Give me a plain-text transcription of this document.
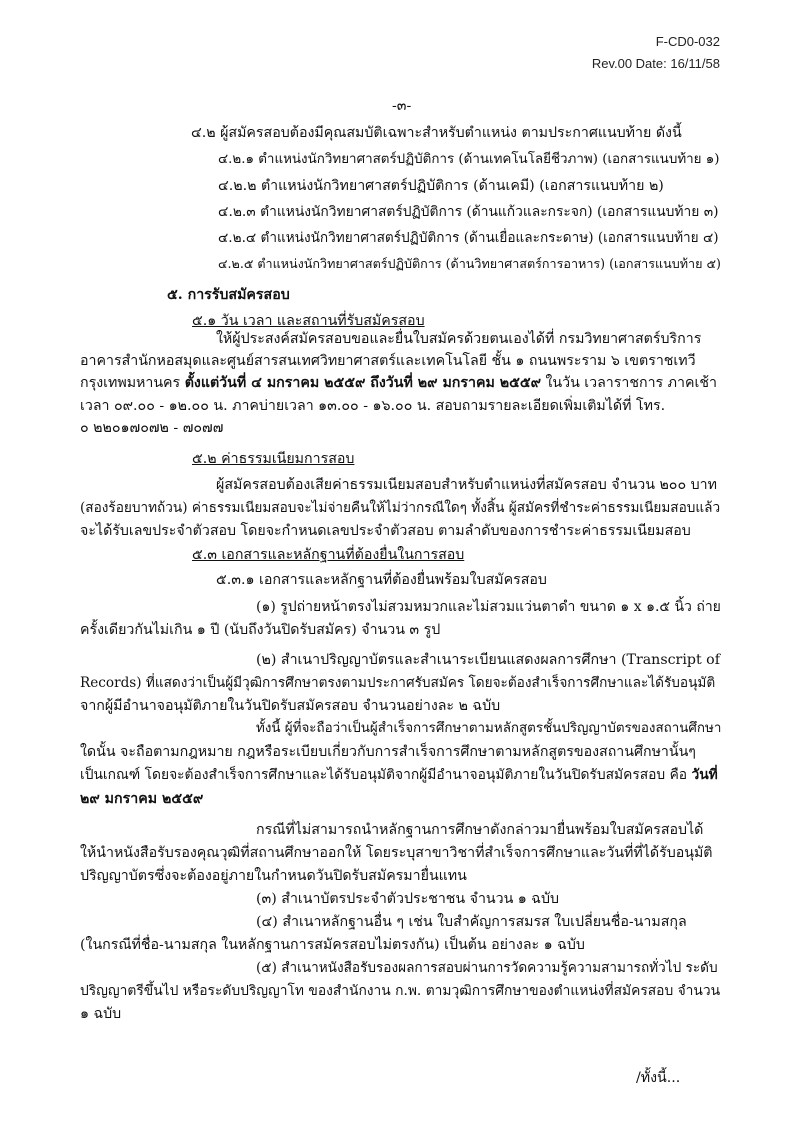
F-CD0-032
Rev.00 Date: 16/11/58
-๓-
๔.๒ ผู้สมัครสอบต้องมีคุณสมบัติเฉพาะสำหรับตำแหน่ง ตามประกาศแนบท้าย ดังนี้
๔.๒.๑ ตำแหน่งนักวิทยาศาสตร์ปฏิบัติการ (ด้านเทคโนโลยีชีวภาพ) (เอกสารแนบท้าย ๑)
๔.๒.๒ ตำแหน่งนักวิทยาศาสตร์ปฏิบัติการ (ด้านเคมี) (เอกสารแนบท้าย ๒)
๔.๒.๓ ตำแหน่งนักวิทยาศาสตร์ปฏิบัติการ (ด้านแก้วและกระจก) (เอกสารแนบท้าย ๓)
๔.๒.๔ ตำแหน่งนักวิทยาศาสตร์ปฏิบัติการ (ด้านเยื่อและกระดาษ) (เอกสารแนบท้าย ๔)
๔.๒.๕ ตำแหน่งนักวิทยาศาสตร์ปฏิบัติการ (ด้านวิทยาศาสตร์การอาหาร) (เอกสารแนบท้าย ๕)
๕. การรับสมัครสอบ
๕.๑ วัน เวลา และสถานที่รับสมัครสอบ
ให้ผู้ประสงค์สมัครสอบขอและยื่นใบสมัครด้วยตนเองได้ที่ กรมวิทยาศาสตร์บริการ
อาคารสำนักหอสมุดและศูนย์สารสนเทศวิทยาศาสตร์และเทคโนโลยี ชั้น ๑ ถนนพระราม ๖ เขตราชเทวี
กรุงเทพมหานคร ตั้งแต่วันที่ ๔ มกราคม ๒๕๕๙ ถึงวันที่ ๒๙ มกราคม ๒๕๕๙ ในวัน เวลาราชการ ภาคเช้า
เวลา ๐๙.๐๐ - ๑๒.๐๐ น. ภาคบ่ายเวลา ๑๓.๐๐ - ๑๖.๐๐ น. สอบถามรายละเอียดเพิ่มเติมได้ที่ โทร.
๐ ๒๒๐๑๗๐๗๒ - ๗๐๗๗
๕.๒ ค่าธรรมเนียมการสอบ
ผู้สมัครสอบต้องเสียค่าธรรมเนียมสอบสำหรับตำแหน่งที่สมัครสอบ จำนวน ๒๐๐ บาท
(สองร้อยบาทถ้วน) ค่าธรรมเนียมสอบจะไม่จ่ายคืนให้ไม่ว่ากรณีใดๆ ทั้งสิ้น ผู้สมัครที่ชำระค่าธรรมเนียมสอบแล้ว
จะได้รับเลขประจำตัวสอบ โดยจะกำหนดเลขประจำตัวสอบ ตามลำดับของการชำระค่าธรรมเนียมสอบ
๕.๓ เอกสารและหลักฐานที่ต้องยื่นในการสอบ
๕.๓.๑ เอกสารและหลักฐานที่ต้องยื่นพร้อมใบสมัครสอบ
(๑) รูปถ่ายหน้าตรงไม่สวมหมวกและไม่สวมแว่นตาดำ ขนาด ๑ x ๑.๕ นิ้ว ถ่าย
ครั้งเดียวกันไม่เกิน ๑ ปี (นับถึงวันปิดรับสมัคร) จำนวน ๓ รูป
(๒) สำเนาปริญญาบัตรและสำเนาระเบียนแสดงผลการศึกษา (Transcript of
Records) ที่แสดงว่าเป็นผู้มีวุฒิการศึกษาตรงตามประกาศรับสมัคร โดยจะต้องสำเร็จการศึกษาและได้รับอนุมัติ
จากผู้มีอำนาจอนุมัติภายในวันปิดรับสมัครสอบ จำนวนอย่างละ ๒ ฉบับ
ทั้งนี้ ผู้ที่จะถือว่าเป็นผู้สำเร็จการศึกษาตามหลักสูตรชั้นปริญญาบัตรของสถานศึกษา
ใดนั้น จะถือตามกฎหมาย กฎหรือระเบียบเกี่ยวกับการสำเร็จการศึกษาตามหลักสูตรของสถานศึกษานั้นๆ
เป็นเกณฑ์ โดยจะต้องสำเร็จการศึกษาและได้รับอนุมัติจากผู้มีอำนาจอนุมัติภายในวันปิดรับสมัครสอบ คือ วันที่
๒๙ มกราคม ๒๕๕๙
กรณีที่ไม่สามารถนำหลักฐานการศึกษาดังกล่าวมายื่นพร้อมใบสมัครสอบได้
ให้นำหนังสือรับรองคุณวุฒิที่สถานศึกษาออกให้ โดยระบุสาขาวิชาที่สำเร็จการศึกษาและวันที่ที่ได้รับอนุมัติ
ปริญญาบัตรซึ่งจะต้องอยู่ภายในกำหนดวันปิดรับสมัครมายื่นแทน
(๓) สำเนาบัตรประจำตัวประชาชน จำนวน ๑ ฉบับ
(๔) สำเนาหลักฐานอื่น ๆ เช่น ใบสำคัญการสมรส ใบเปลี่ยนชื่อ-นามสกุล
(ในกรณีที่ชื่อ-นามสกุล ในหลักฐานการสมัครสอบไม่ตรงกัน) เป็นต้น อย่างละ ๑ ฉบับ
(๕) สำเนาหนังสือรับรองผลการสอบผ่านการวัดความรู้ความสามารถทั่วไป ระดับ
ปริญญาตรีขึ้นไป หรือระดับปริญญาโท ของสำนักงาน ก.พ. ตามวุฒิการศึกษาของตำแหน่งที่สมัครสอบ จำนวน
๑ ฉบับ
/ทั้งนี้...
